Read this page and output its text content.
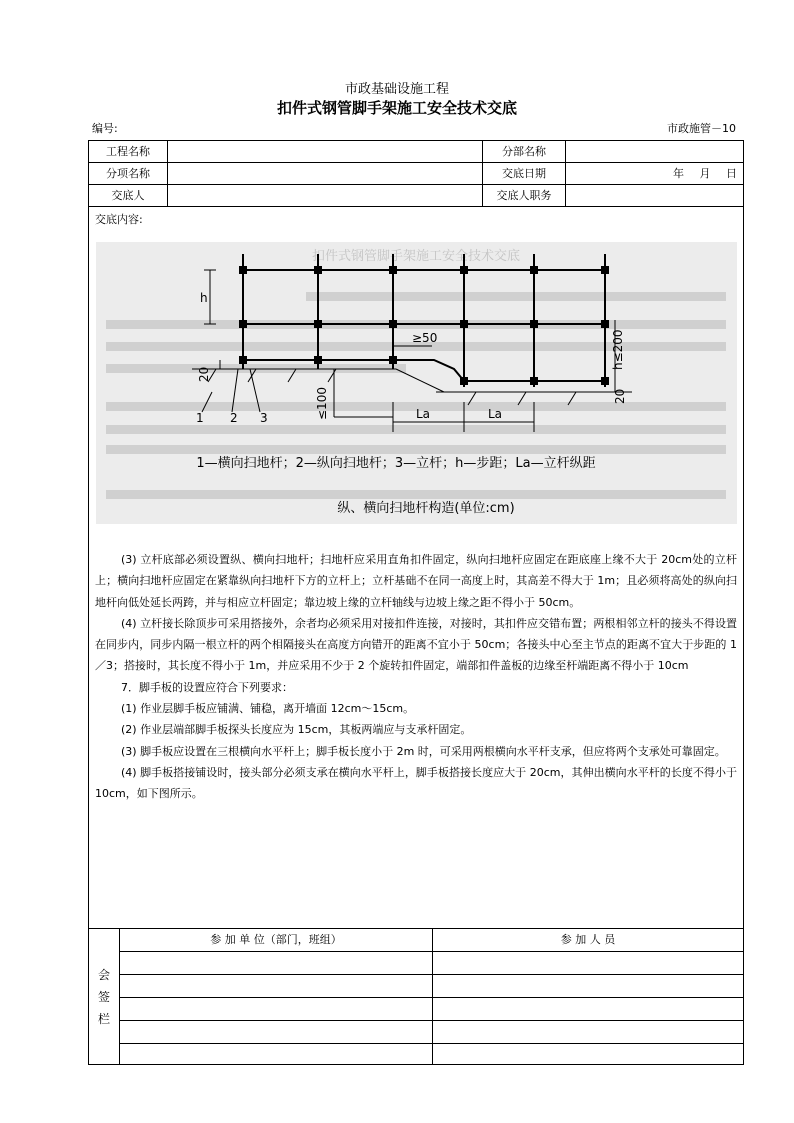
市政基础设施工程
扣件式钢管脚手架施工安全技术交底
编号:	市政施管－10
工程名称	分部名称
分项名称	交底日期	年 月 日
交底人	交底人职务
交底内容:
扣件式钢管脚手架施工安全技术交底
h
≥50	h≤200
20
20
≤100	La	La
1 2 3
1—横向扫地杆；2—纵向扫地杆；3—立杆；h—步距；La—立杆纵距
纵、横向扫地杆构造(单位:cm)

(3) 立杆底部必须设置纵、横向扫地杆；扫地杆应采用直角扣件固定，纵向扫地杆应固定在距底座上缘不大于 20cm处的立杆上；横向扫地杆应固定在紧靠纵向扫地杆下方的立杆上；立杆基础不在同一高度上时，其高差不得大于 1m；且必须将高处的纵向扫地杆向低处延长两跨，并与相应立杆固定；靠边坡上缘的立杆轴线与边坡上缘之距不得小于 50cm。

(4) 立杆接长除顶步可采用搭接外，余者均必须采用对接扣件连接，对接时，其扣件应交错布置；两根相邻立杆的接头不得设置在同步内，同步内隔一根立杆的两个相隔接头在高度方向错开的距离不宜小于 50cm；各接头中心至主节点的距离不宜大于步距的 1／3；搭接时，其长度不得小于 1m，并应采用不少于 2 个旋转扣件固定，端部扣件盖板的边缘至杆端距离不得小于 10cm

7．脚手板的设置应符合下列要求：

(1) 作业层脚手板应铺满、铺稳，离开墙面 12cm～15cm。

(2) 作业层端部脚手板探头长度应为 15cm，其板两端应与支承杆固定。

(3) 脚手板应设置在三根横向水平杆上；脚手板长度小于 2m 时，可采用两根横向水平杆支承，但应将两个支承处可靠固定。

(4) 脚手板搭接铺设时，接头部分必须支承在横向水平杆上，脚手板搭接长度应大于 20cm，其伸出横向水平杆的长度不得小于 10cm，如下图所示。

会
签
栏
参 加 单 位（部门，班组）	参 加 人 员
